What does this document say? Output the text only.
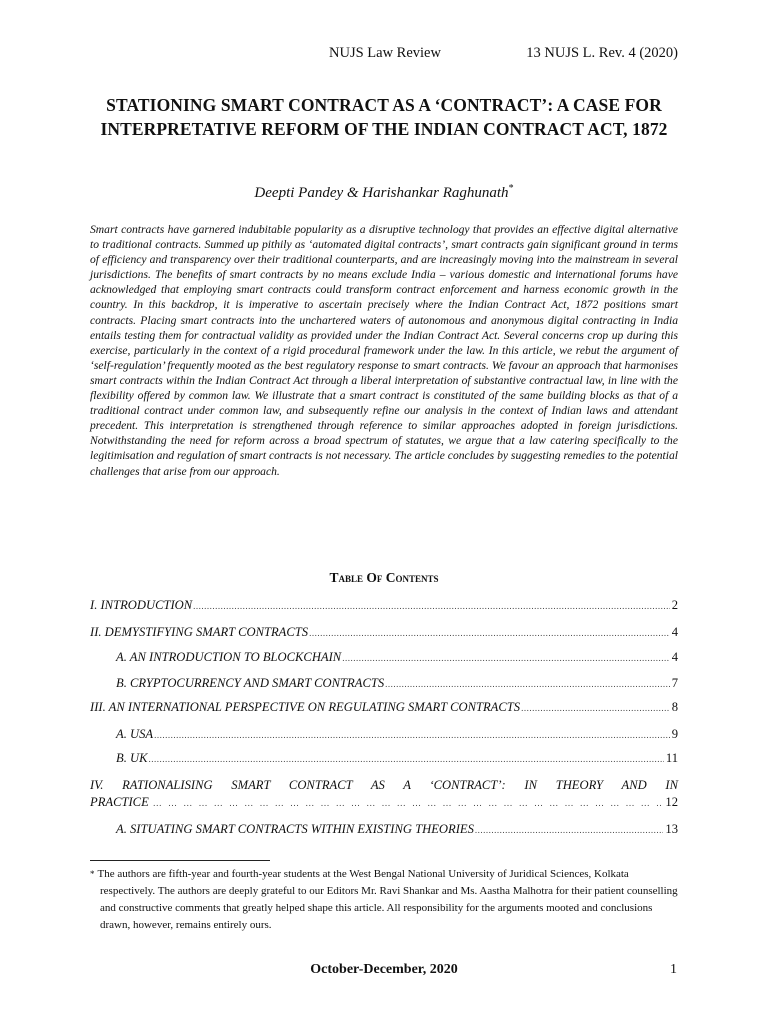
NUJS Law Review	13 NUJS L. Rev. 4 (2020)
STATIONING SMART CONTRACT AS A ‘CONTRACT’: A CASE FOR INTERPRETATIVE REFORM OF THE INDIAN CONTRACT ACT, 1872
Deepti Pandey & Harishankar Raghunath*

Smart contracts have garnered indubitable popularity as a disruptive technology that provides an effective digital alternative to traditional contracts. Summed up pithily as ‘automated digital contracts’, smart contracts gain significant ground in terms of efficiency and transparency over their traditional counterparts, and are increasingly moving into the mainstream in several jurisdictions. The benefits of smart contracts by no means exclude India – various domestic and international forums have acknowledged that employing smart contracts could transform contract enforcement and harness economic growth in the country. In this backdrop, it is imperative to ascertain precisely where the Indian Contract Act, 1872 positions smart contracts. Placing smart contracts into the unchartered waters of autonomous and anonymous digital contracting in India entails testing them for contractual validity as provided under the Indian Contract Act. Several concerns crop up during this exercise, particularly in the context of a rigid procedural framework under the law. In this article, we rebut the argument of ‘self-regulation’ frequently mooted as the best regulatory response to smart contracts. We favour an approach that harmonises smart contracts within the Indian Contract Act through a liberal interpretation of substantive contractual law, in line with the flexibility offered by common law. We illustrate that a smart contract is constituted of the same building blocks as that of a traditional contract under common law, and subsequently refine our analysis in the context of Indian laws and attendant precedent. This interpretation is strengthened through reference to similar approaches adopted in foreign jurisdictions. Notwithstanding the need for reform across a broad spectrum of statutes, we argue that a law catering specifically to the legitimisation and regulation of smart contracts is not necessary. The article concludes by suggesting remedies to the potential challenges that arise from our approach.

Table Of Contents
I. INTRODUCTION .....	2
II. DEMYSTIFYING SMART CONTRACTS .....	4
A. AN INTRODUCTION TO BLOCKCHAIN .....	4
B. CRYPTOCURRENCY AND SMART CONTRACTS .....	7
III. AN INTERNATIONAL PERSPECTIVE ON REGULATING SMART CONTRACTS .....	8
A. USA .....	9
B. UK .....	11
IV. RATIONALISING SMART CONTRACT AS A ‘CONTRACT’: IN THEORY AND IN
PRACTICE … … … … … … … … … … … … … … … … … … … … … … … … … … … … … … … … … … … … … … … … … … … … … … … … … … … … … … … …	12
A. SITUATING SMART CONTRACTS WITHIN EXISTING THEORIES .....	13

* The authors are fifth-year and fourth-year students at the West Bengal National University of Juridical Sciences, Kolkata respectively. The authors are deeply grateful to our Editors Mr. Ravi Shankar and Ms. Aastha Malhotra for their patient counselling and constructive comments that greatly helped shape this article. All responsibility for the arguments mooted and conclusions drawn, however, remains entirely ours.

October-December, 2020	1
